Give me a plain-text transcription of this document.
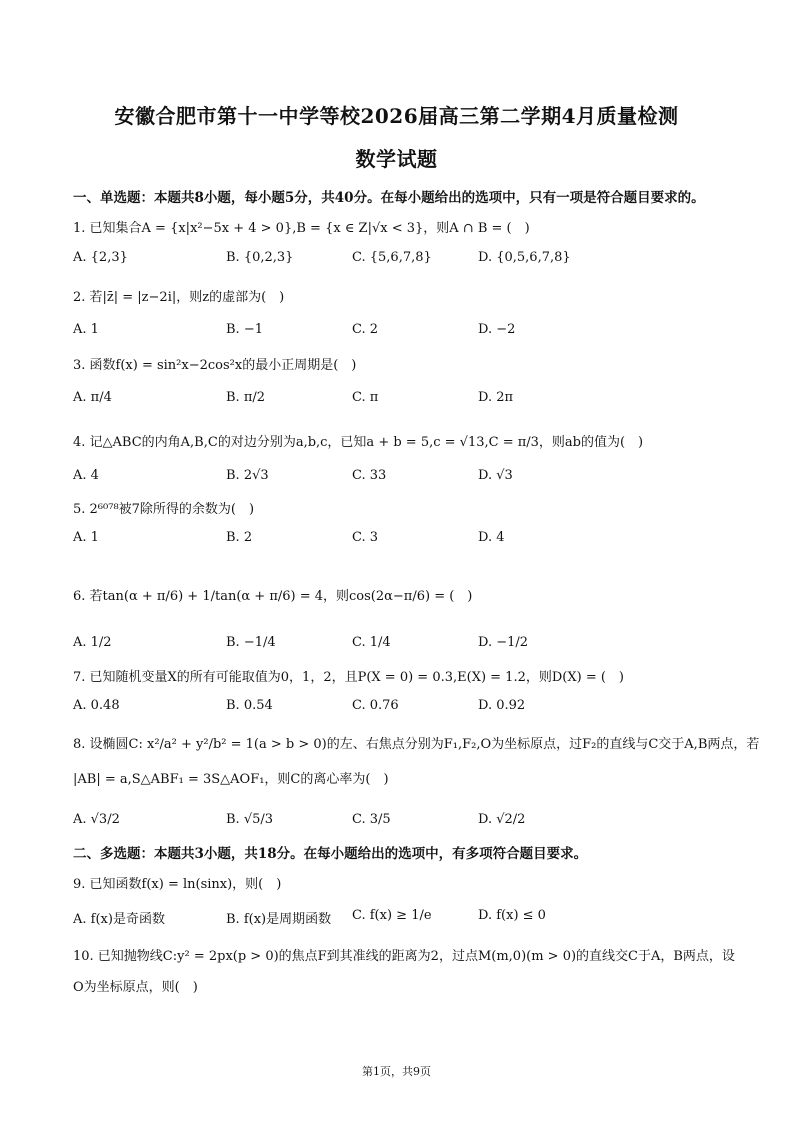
安徽合肥市第十一中学等校2026届高三第二学期4月质量检测
数学试题
一、单选题：本题共8小题，每小题5分，共40分。在每小题给出的选项中，只有一项是符合题目要求的。
1. 已知集合A = {x|x²−5x + 4 > 0},B = {x ∈ Z|√x < 3}，则A ∩ B = (　)
A. {2,3}	B. {0,2,3}	C. {5,6,7,8}	D. {0,5,6,7,8}
2. 若|z̄| = |z−2i|，则z的虚部为(　)
A. 1	B. −1	C. 2	D. −2
3. 函数f(x) = sin²x−2cos²x的最小正周期是(　)
A. π/4	B. π/2	C. π	D. 2π
4. 记△ABC的内角A,B,C的对边分别为a,b,c，已知a + b = 5,c = √13,C = π/3，则ab的值为(　)
A. 4	B. 2√3	C. 33	D. √3
5. 2⁶⁰⁷⁸被7除所得的余数为(　)
A. 1	B. 2	C. 3	D. 4
6. 若tan(α + π/6) + 1/tan(α + π/6) = 4，则cos(2α−π/6) = (　)
A. 1/2	B. −1/4	C. 1/4	D. −1/2
7. 已知随机变量X的所有可能取值为0，1，2，且P(X = 0) = 0.3,E(X) = 1.2，则D(X) = (　)
A. 0.48	B. 0.54	C. 0.76	D. 0.92
8. 设椭圆C: x²/a² + y²/b² = 1(a > b > 0)的左、右焦点分别为F₁,F₂,O为坐标原点，过F₂的直线与C交于A,B两点，若
|AB| = a,S△ABF₁ = 3S△AOF₁，则C的离心率为(　)
A. √3/2	B. √5/3	C. 3/5	D. √2/2
二、多选题：本题共3小题，共18分。在每小题给出的选项中，有多项符合题目要求。
9. 已知函数f(x) = ln(sinx)，则(　)
A. f(x)是奇函数	B. f(x)是周期函数 C. f(x) ≥ 1/e	D. f(x) ≤ 0
10. 已知抛物线C:y² = 2px(p > 0)的焦点F到其准线的距离为2，过点M(m,0)(m > 0)的直线交C于A，B两点，设
O为坐标原点，则(　)
第1页，共9页
